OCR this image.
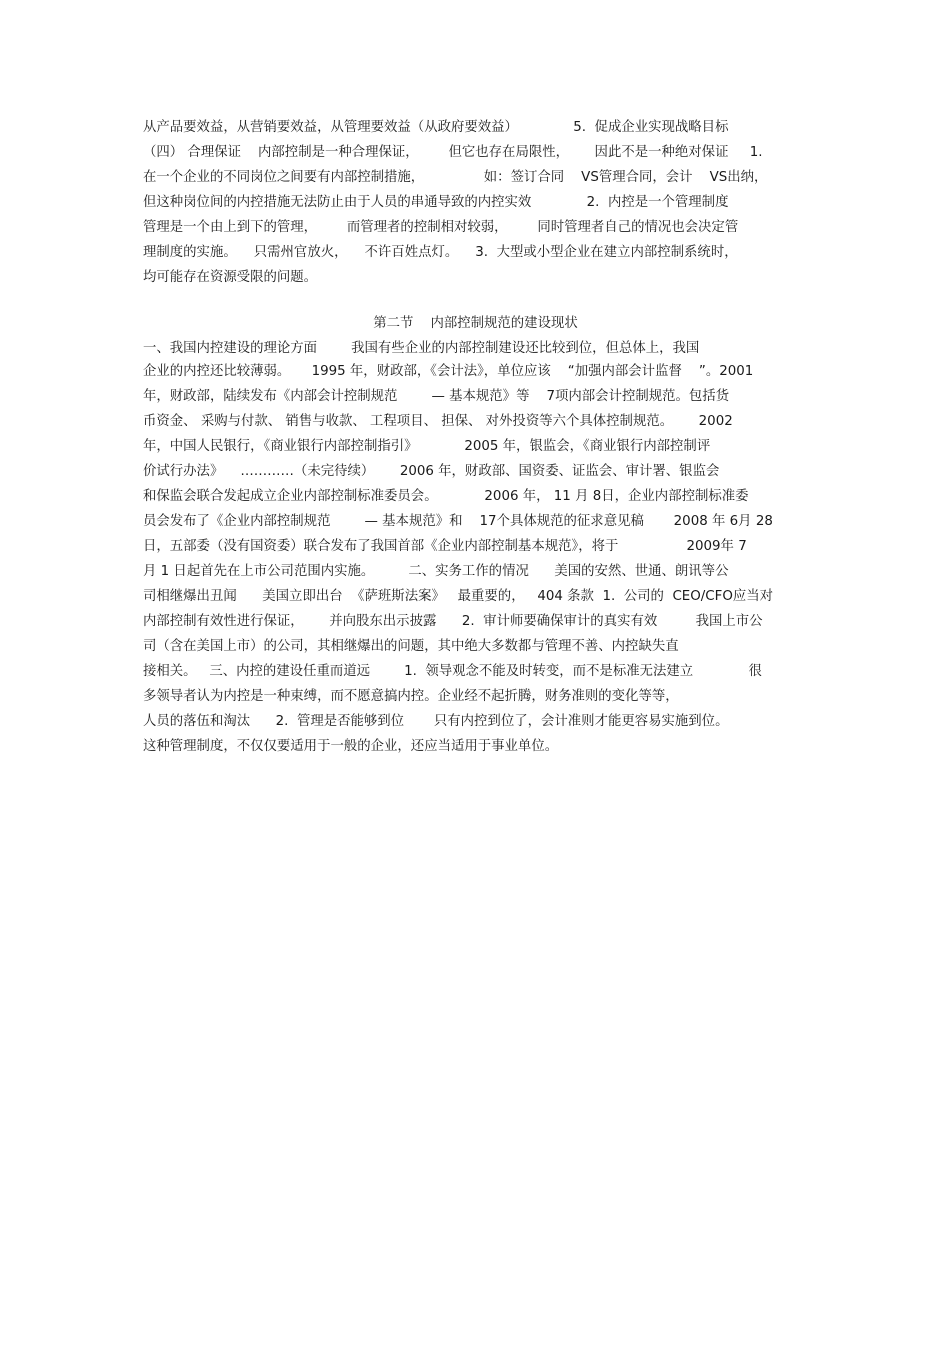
从产品要效益，从营销要效益，从管理要效益（从政府要效益）             5.  促成企业实现战略目标
（四） 合理保证    内部控制是一种合理保证，       但它也存在局限性，      因此不是一种绝对保证     1.
在一个企业的不同岗位之间要有内部控制措施，              如：签订合同    VS管理合同，会计    VS出纳，
但这种岗位间的内控措施无法防止由于人员的串通导致的内控实效             2.  内控是一个管理制度
管理是一个由上到下的管理，       而管理者的控制相对较弱，       同时管理者自己的情况也会决定管
理制度的实施。    只需州官放火，    不许百姓点灯。    3.  大型或小型企业在建立内部控制系统时，
均可能存在资源受限的问题。
第二节    内部控制规范的建设现状
一、我国内控建设的理论方面        我国有些企业的内部控制建设还比较到位，但总体上，我国
企业的内控还比较薄弱。     1995 年，财政部，《会计法》，单位应该    “加强内部会计监督    ”。2001
年，财政部，陆续发布《内部会计控制规范        — 基本规范》等    7项内部会计控制规范。包括货
币资金、 采购与付款、 销售与收款、 工程项目、 担保、 对外投资等六个具体控制规范。      2002
年，中国人民银行，《商业银行内部控制指引》           2005 年，银监会，《商业银行内部控制评
价试行办法》    …………（未完待续）      2006 年，财政部、国资委、证监会、审计署、银监会
和保监会联合发起成立企业内部控制标准委员会。           2006 年， 11 月 8日，企业内部控制标准委
员会发布了《企业内部控制规范        — 基本规范》和    17个具体规范的征求意见稿       2008 年 6月 28
日，五部委（没有国资委）联合发布了我国首部《企业内部控制基本规范》，将于                2009年 7
月 1 日起首先在上市公司范围内实施。        二、实务工作的情况      美国的安然、世通、朗讯等公
司相继爆出丑闻      美国立即出台  《萨班斯法案》   最重要的，   404 条款  1.  公司的  CEO/CFO应当对
内部控制有效性进行保证，      并向股东出示披露      2.  审计师要确保审计的真实有效         我国上市公
司（含在美国上市）的公司，其相继爆出的问题，其中绝大多数都与管理不善、内控缺失直
接相关。   三、内控的建设任重而道远        1.  领导观念不能及时转变，而不是标准无法建立             很
多领导者认为内控是一种束缚，而不愿意搞内控。企业经不起折腾，财务准则的变化等等，
人员的落伍和淘汰      2.  管理是否能够到位       只有内控到位了，会计准则才能更容易实施到位。
这种管理制度，不仅仅要适用于一般的企业，还应当适用于事业单位。
